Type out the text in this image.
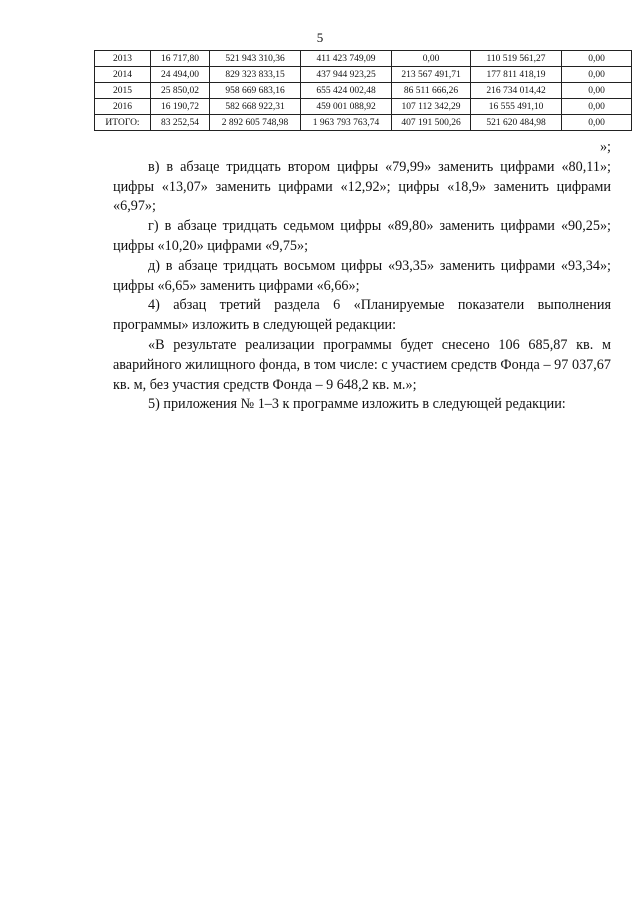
5
2013	16 717,80	521 943 310,36	411 423 749,09	0,00	110 519 561,27	0,00
2014	24 494,00	829 323 833,15	437 944 923,25	213 567 491,71	177 811 418,19	0,00
2015	25 850,02	958 669 683,16	655 424 002,48	86 511 666,26	216 734 014,42	0,00
2016	16 190,72	582 668 922,31	459 001 088,92	107 112 342,29	16 555 491,10	0,00
ИТОГО:	83 252,54	2 892 605 748,98	1 963 793 763,74	407 191 500,26	521 620 484,98	0,00

»;

в) в абзаце тридцать втором цифры «79,99» заменить цифрами «80,11»; цифры «13,07» заменить цифрами «12,92»; цифры «18,9» заменить цифрами «6,97»;

г) в абзаце тридцать седьмом цифры «89,80» заменить цифрами «90,25»; цифры «10,20» цифрами «9,75»;

д) в абзаце тридцать восьмом цифры «93,35» заменить цифрами «93,34»; цифры «6,65» заменить цифрами «6,66»;

4) абзац третий раздела 6 «Планируемые показатели выполнения программы» изложить в следующей редакции:

«В результате реализации программы будет снесено 106 685,87 кв. м аварийного жилищного фонда, в том числе: с участием средств Фонда – 97 037,67 кв. м, без участия средств Фонда – 9 648,2 кв. м.»;

5) приложения № 1–3 к программе изложить в следующей редакции:
